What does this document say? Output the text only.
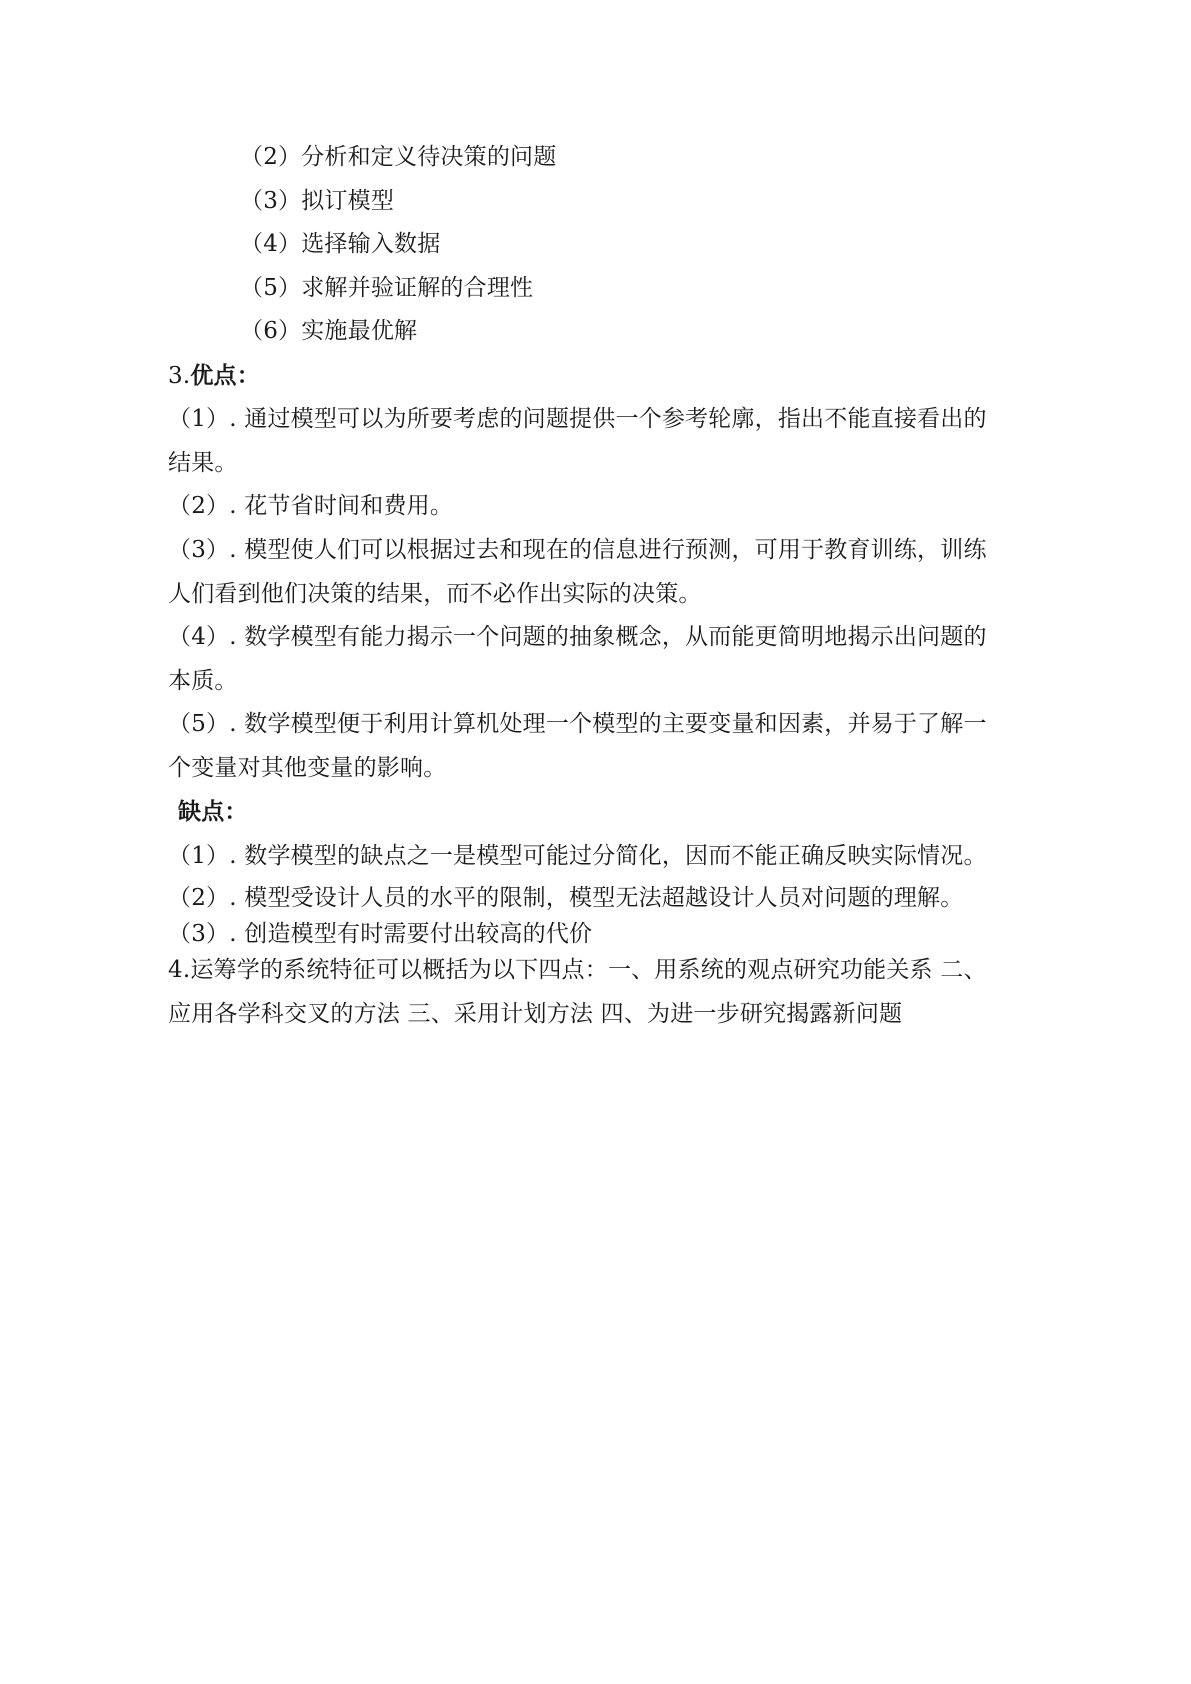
（2）分析和定义待决策的问题
（3）拟订模型
（4）选择输入数据
（5）求解并验证解的合理性
（6）实施最优解
3.优点：
（1）. 通过模型可以为所要考虑的问题提供一个参考轮廓，指出不能直接看出的
结果。
（2）. 花节省时间和费用。
（3）. 模型使人们可以根据过去和现在的信息进行预测，可用于教育训练，训练
人们看到他们决策的结果，而不必作出实际的决策。
（4）. 数学模型有能力揭示一个问题的抽象概念，从而能更简明地揭示出问题的
本质。
（5）. 数学模型便于利用计算机处理一个模型的主要变量和因素，并易于了解一
个变量对其他变量的影响。
缺点：
（1）. 数学模型的缺点之一是模型可能过分简化，因而不能正确反映实际情况。
（2）. 模型受设计人员的水平的限制，模型无法超越设计人员对问题的理解。
（3）. 创造模型有时需要付出较高的代价
4.运筹学的系统特征可以概括为以下四点：一、用系统的观点研究功能关系 二、
应用各学科交叉的方法 三、采用计划方法 四、为进一步研究揭露新问题
